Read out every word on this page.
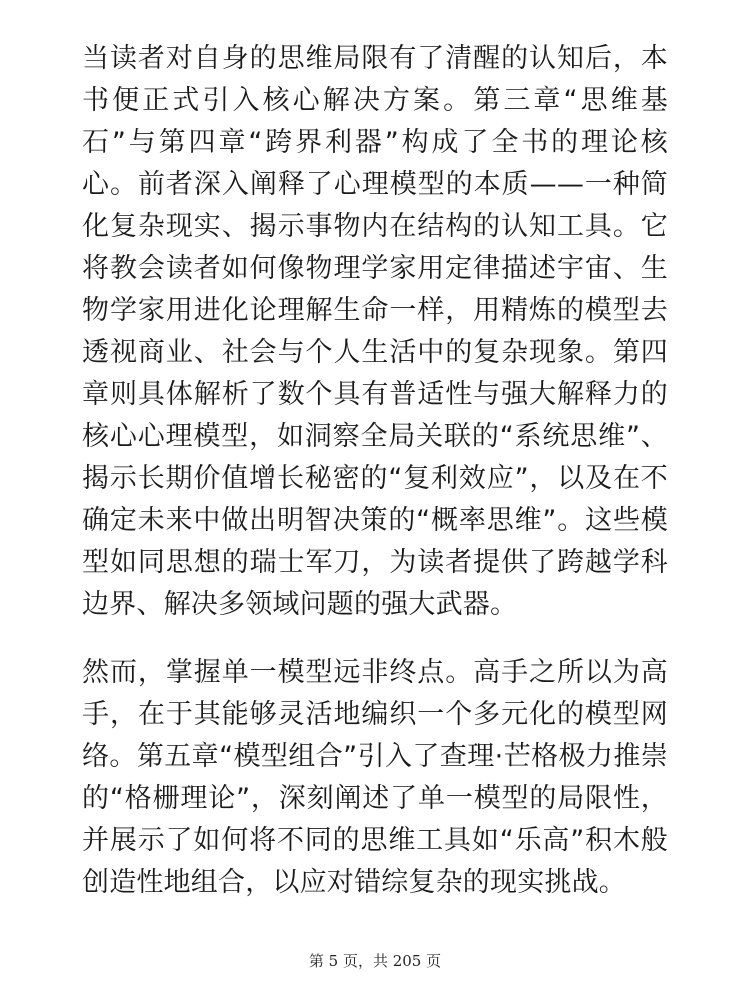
当读者对自身的思维局限有了清醒的认知后，本书便正式引入核心解决方案。第三章“思维基石”与第四章“跨界利器”构成了全书的理论核心。前者深入阐释了心理模型的本质——一种简化复杂现实、揭示事物内在结构的认知工具。它将教会读者如何像物理学家用定律描述宇宙、生物学家用进化论理解生命一样，用精炼的模型去透视商业、社会与个人生活中的复杂现象。第四章则具体解析了数个具有普适性与强大解释力的核心心理模型，如洞察全局关联的“系统思维”、揭示长期价值增长秘密的“复利效应”，以及在不确定未来中做出明智决策的“概率思维”。这些模型如同思想的瑞士军刀，为读者提供了跨越学科边界、解决多领域问题的强大武器。

然而，掌握单一模型远非终点。高手之所以为高手，在于其能够灵活地编织一个多元化的模型网络。第五章“模型组合”引入了查理·芒格极力推崇的“格栅理论”，深刻阐述了单一模型的局限性，并展示了如何将不同的思维工具如“乐高”积木般创造性地组合，以应对错综复杂的现实挑战。

第 5 页，共 205 页
